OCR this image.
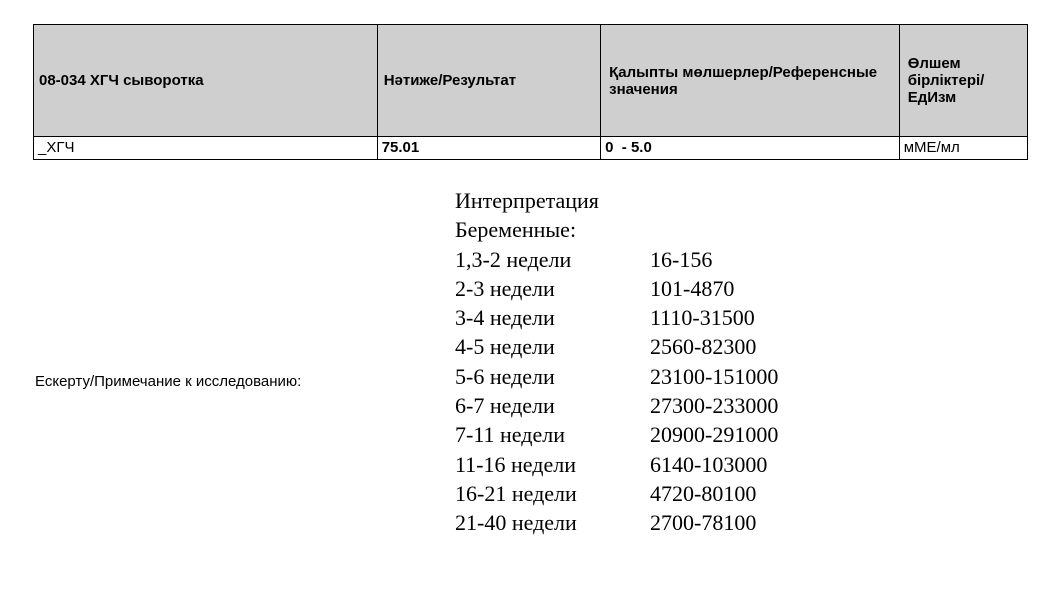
08-034 ХГЧ сыворотка	Нәтиже/Результат	Қалыпты мөлшерлер/Референсные значения	Өлшем бірліктері/ ЕдИзм
_ХГЧ	75.01	0  - 5.0	мМЕ/мл
Ескерту/Примечание к исследованию:
Интерпретация
Беременные:
1,3-2 недели	16-156
2-3 недели	101-4870
3-4 недели	1110-31500
4-5 недели	2560-82300
5-6 недели	23100-151000
6-7 недели	27300-233000
7-11 недели	20900-291000
11-16 недели	6140-103000
16-21 недели	4720-80100
21-40 недели	2700-78100
